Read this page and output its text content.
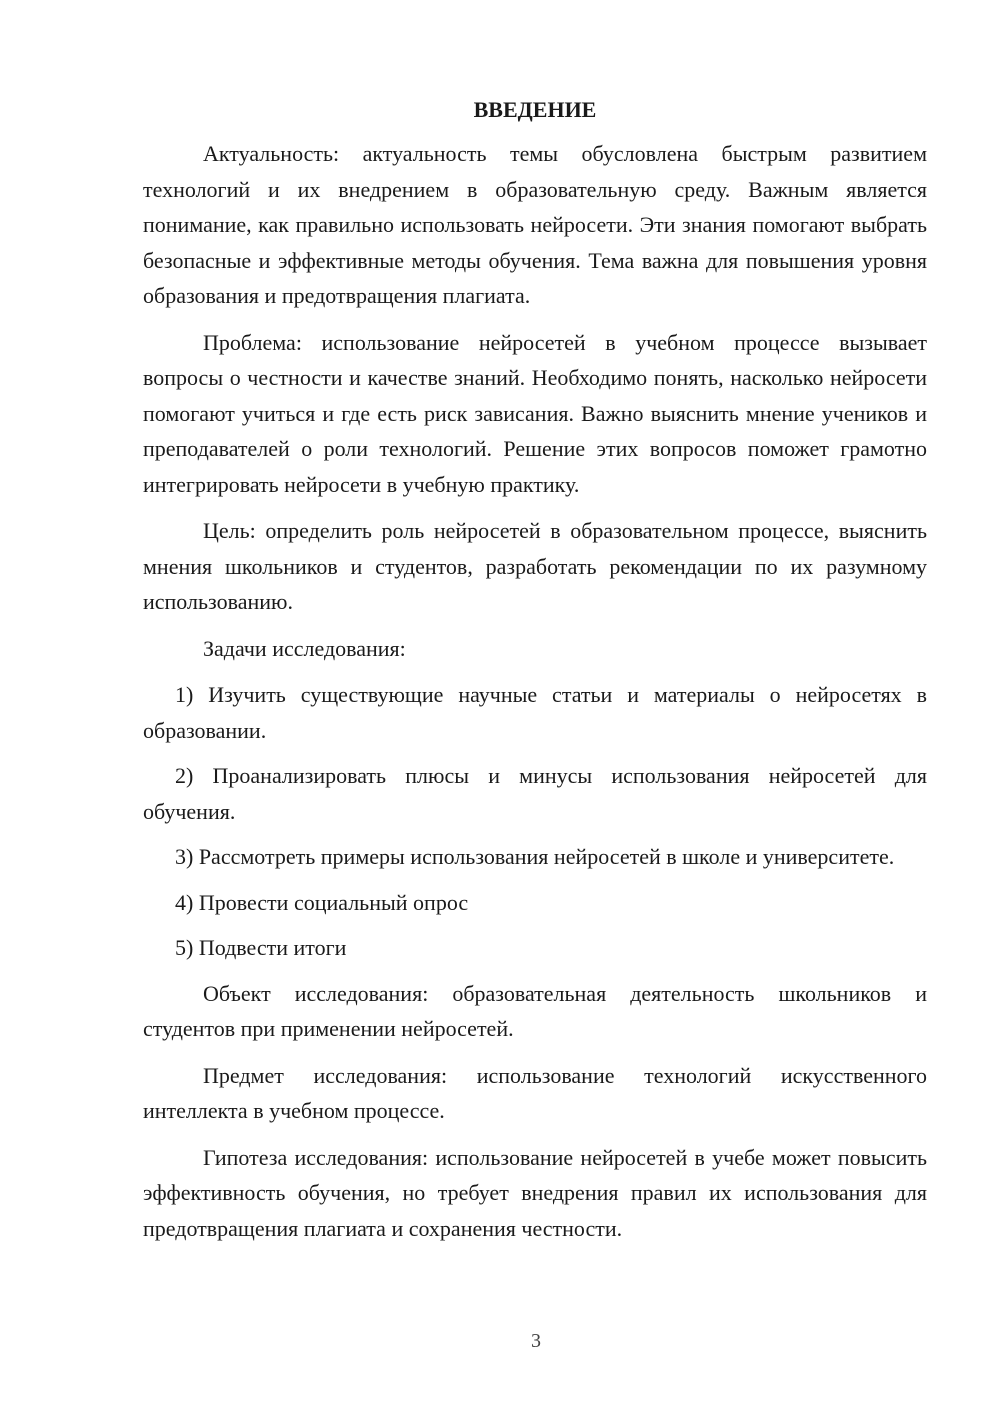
ВВЕДЕНИЕ

Актуальность: актуальность темы обусловлена быстрым развитием технологий и их внедрением в образовательную среду. Важным является понимание, как правильно использовать нейросети. Эти знания помогают выбрать безопасные и эффективные методы обучения. Тема важна для повышения уровня образования и предотвращения плагиата.

Проблема: использование нейросетей в учебном процессе вызывает вопросы о честности и качестве знаний. Необходимо понять, насколько нейросети помогают учиться и где есть риск зависания. Важно выяснить мнение учеников и преподавателей о роли технологий. Решение этих вопросов поможет грамотно интегрировать нейросети в учебную практику.

Цель: определить роль нейросетей в образовательном процессе, выяснить мнения школьников и студентов, разработать рекомендации по их разумному использованию.

Задачи исследования:

1) Изучить существующие научные статьи и материалы о нейросетях в образовании.

2) Проанализировать плюсы и минусы использования нейросетей для обучения.

3) Рассмотреть примеры использования нейросетей в школе и университете.

4) Провести социальный опрос

5) Подвести итоги

Объект исследования: образовательная деятельность школьников и студентов при применении нейросетей.

Предмет исследования: использование технологий искусственного интеллекта в учебном процессе.

Гипотеза исследования: использование нейросетей в учебе может повысить эффективность обучения, но требует внедрения правил их использования для предотвращения плагиата и сохранения честности.

3
